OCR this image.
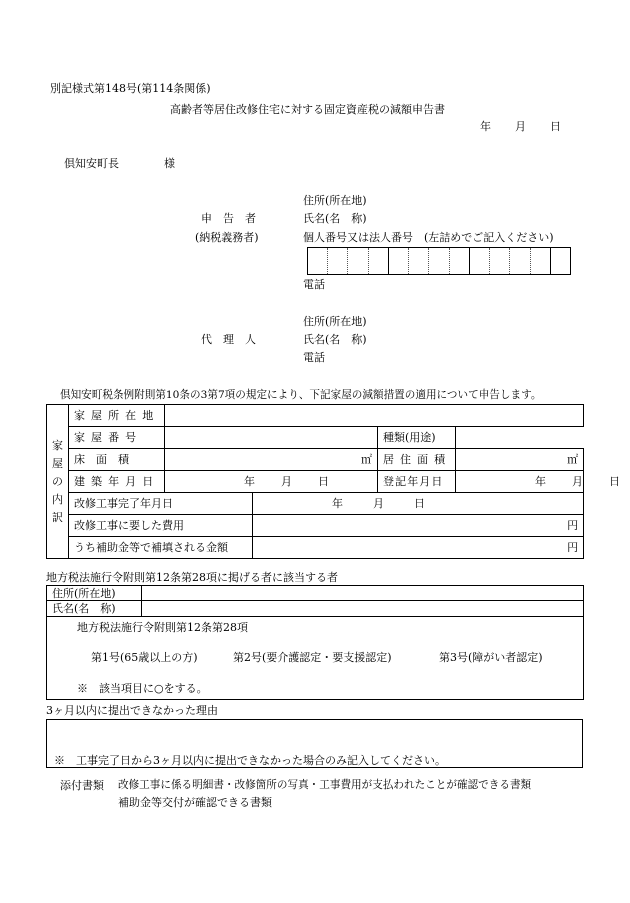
別記様式第148号(第114条関係)
高齢者等居住改修住宅に対する固定資産税の減額申告書
年 月 日
倶知安町長	様
住所(所在地)
申　告　者	氏名(名　称)
(納税義務者)	個人番号又は法人番号 (左詰めでご記入ください)
電話
住所(所在地)
代　理　人	氏名(名　称)
電話
倶知安町税条例附則第10条の3第7項の規定により、下記家屋の減額措置の適用について申告します。
家
屋
の
内
訳	家屋所在地				
	家屋番号			種類(用途)	
	床　面　積	㎡		居住面積	㎡
	建築年月日	年 月 日		登記年月日	年 月 日
	改修工事完了年月日		年 月 日		
	改修工事に要した費用		円		
	うち補助金等で補填される金額		円		
地方税法施行令附則第12条第28項に掲げる者に該当する者
住所(所在地)	
氏名(名　称)	

地方税法施行令附則第12条第28項
第1号(65歳以上の方) 第2号(要介護認定・要支援認定) 第3号(障がい者認定)
※　該当項目に○をする。	
3ヶ月以内に提出できなかった理由
※　工事完了日から3ヶ月以内に提出できなかった場合のみ記入してください。
添付書類 改修工事に係る明細書・改修箇所の写真・工事費用が支払われたことが確認できる書類
補助金等交付が確認できる書類
